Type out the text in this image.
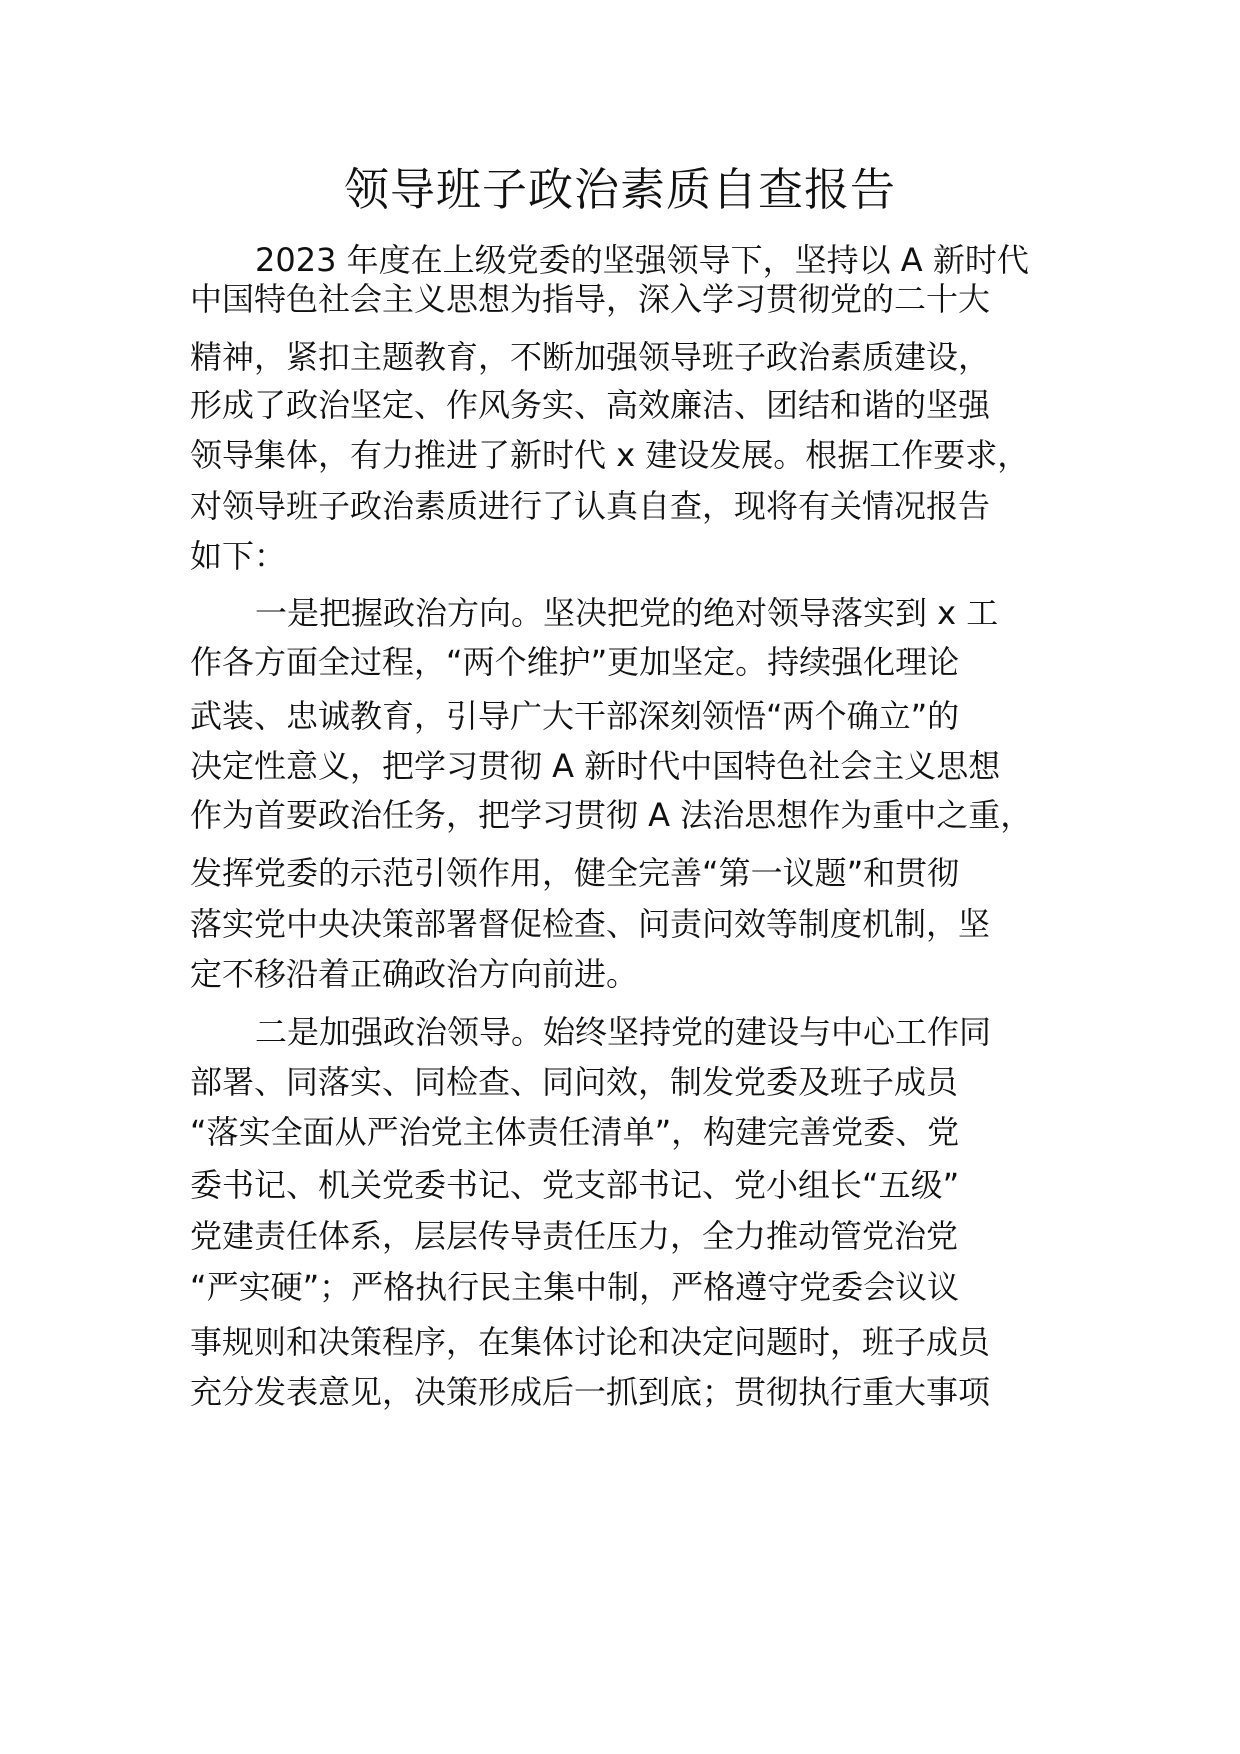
领导班子政治素质自查报告
2023 年度在上级党委的坚强领导下，坚持以 A 新时代
中国特色社会主义思想为指导，深入学习贯彻党的二十大
精神，紧扣主题教育，不断加强领导班子政治素质建设，
形成了政治坚定、作风务实、高效廉洁、团结和谐的坚强
领导集体，有力推进了新时代 x 建设发展。根据工作要求，
对领导班子政治素质进行了认真自查，现将有关情况报告
如下：
一是把握政治方向。坚决把党的绝对领导落实到 x 工
作各方面全过程，“两个维护”更加坚定。持续强化理论
武装、忠诚教育，引导广大干部深刻领悟“两个确立”的
决定性意义，把学习贯彻 A 新时代中国特色社会主义思想
作为首要政治任务，把学习贯彻 A 法治思想作为重中之重，
发挥党委的示范引领作用，健全完善“第一议题”和贯彻
落实党中央决策部署督促检查、问责问效等制度机制，坚
定不移沿着正确政治方向前进。
二是加强政治领导。始终坚持党的建设与中心工作同
部署、同落实、同检查、同问效，制发党委及班子成员
“落实全面从严治党主体责任清单”，构建完善党委、党
委书记、机关党委书记、党支部书记、党小组长“五级”
党建责任体系，层层传导责任压力，全力推动管党治党
“严实硬”；严格执行民主集中制，严格遵守党委会议议
事规则和决策程序，在集体讨论和决定问题时，班子成员
充分发表意见，决策形成后一抓到底；贯彻执行重大事项
